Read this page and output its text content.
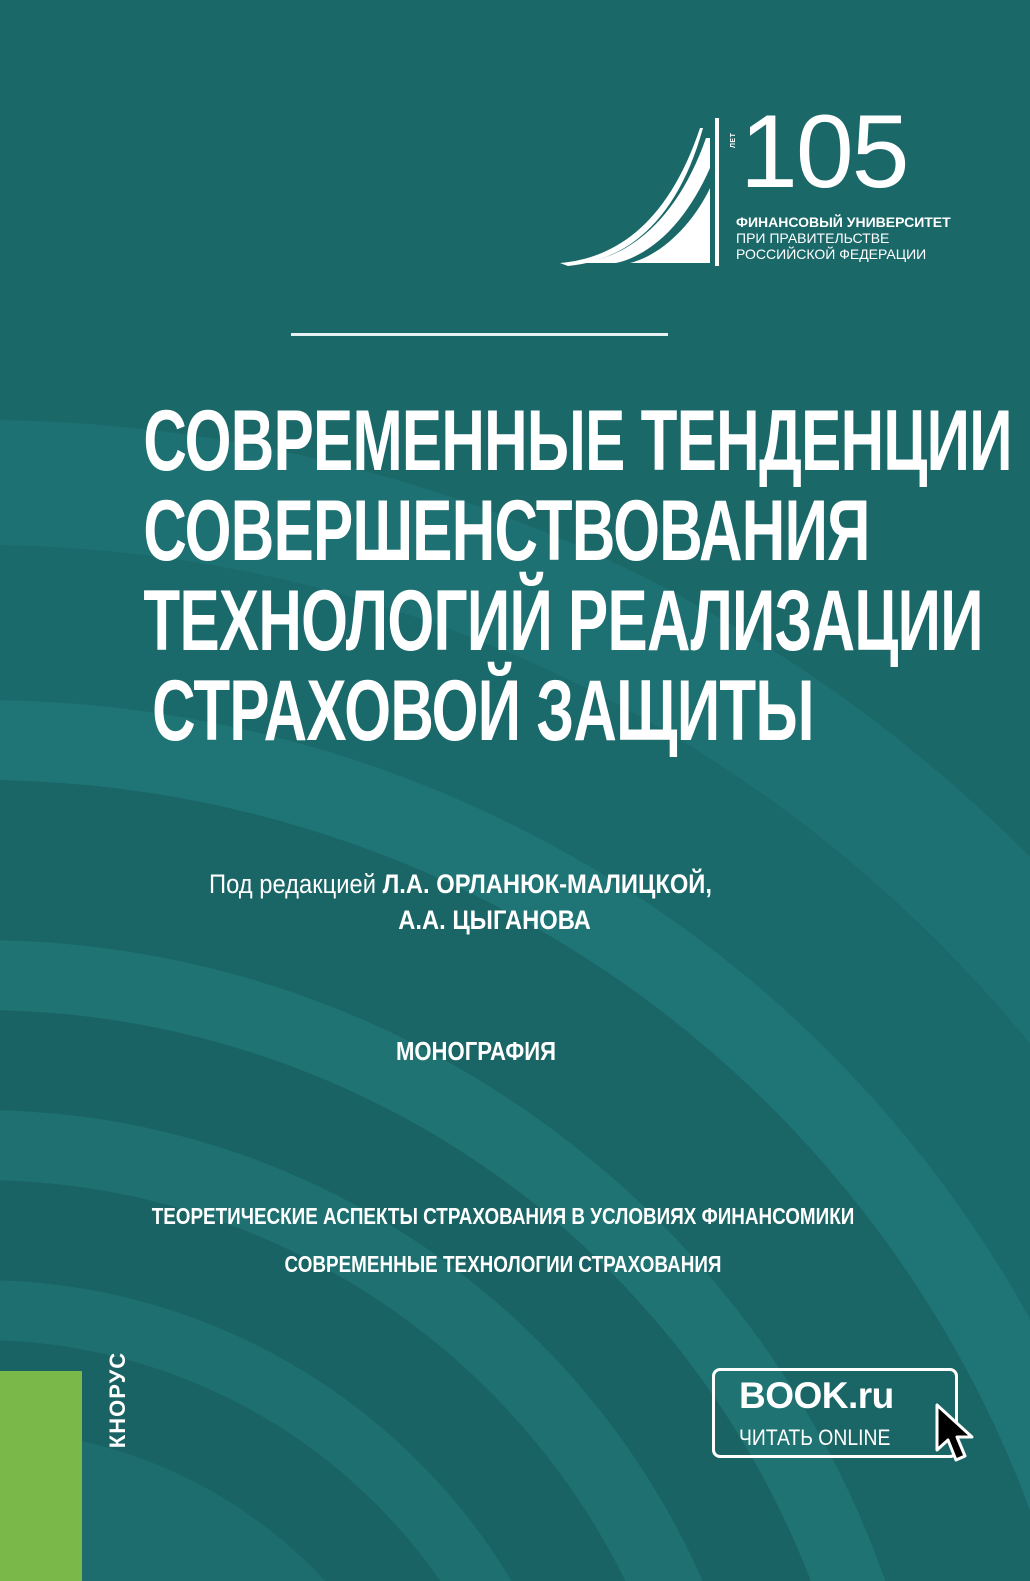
ЛЕТ 105
ФИНАНСОВЫЙ УНИВЕРСИТЕТ
ПРИ ПРАВИТЕЛЬСТВЕ
РОССИЙСКОЙ ФЕДЕРАЦИИ
СОВРЕМЕННЫЕ ТЕНДЕНЦИИ
СОВЕРШЕНСТВОВАНИЯ
ТЕХНОЛОГИЙ РЕАЛИЗАЦИИ
СТРАХОВОЙ ЗАЩИТЫ
Под редакцией Л.А. ОРЛАНЮК-МАЛИЦКОЙ,
А.А. ЦЫГАНОВА
МОНОГРАФИЯ
ТЕОРЕТИЧЕСКИЕ АСПЕКТЫ СТРАХОВАНИЯ В УСЛОВИЯХ ФИНАНСОМИКИ
СОВРЕМЕННЫЕ ТЕХНОЛОГИИ СТРАХОВАНИЯ
КНОРУС	BOOK.ru
ЧИТАТЬ ONLINE
